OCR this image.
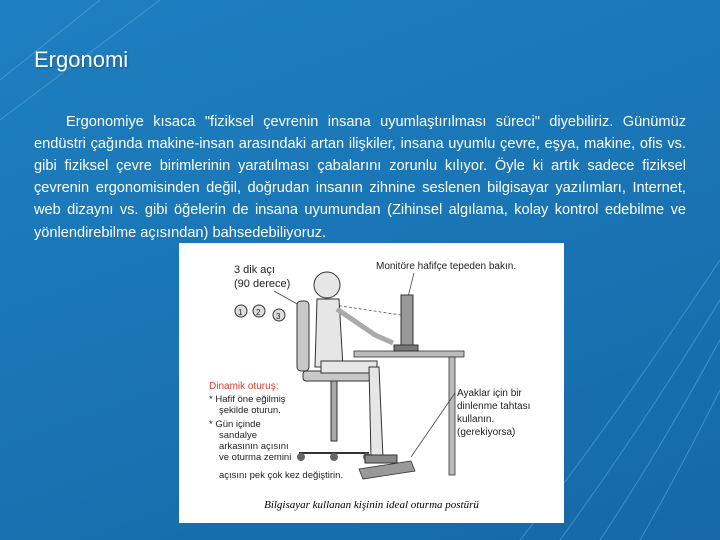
Ergonomi

Ergonomiye kısaca "fiziksel çevrenin insana uyumlaştırılması süreci" diyebiliriz. Günümüz endüstri çağında makine-insan arasındaki artan ilişkiler, insana uyumlu çevre, eşya, makine, ofis vs. gibi fiziksel çevre birimlerinin yaratılması çabalarını zorunlu kılıyor. Öyle ki artık sadece fiziksel çevrenin ergonomisinden değil, doğrudan insanın zihnine seslenen bilgisayar yazılımları, Internet, web dizaynı vs. gibi öğelerin de insana uyumundan (Zihinsel algılama, kolay kontrol edebilme ve yönlendirebilme açısından) bahsedebiliyoruz.

3 dik açı
(90 derece)
1 2 3
Monitöre hafifçe tepeden bakın.
Ayaklar için bir
dinlenme tahtası
kullanın.
(gerekiyorsa)
Dinamik oturuş:
* Hafif öne eğilmiş
şekilde oturun.
* Gün içinde
sandalye
arkasının açısını
ve oturma zemini
açısını pek çok kez değiştirin.
Bilgisayar kullanan kişinin ideal oturma postürü
